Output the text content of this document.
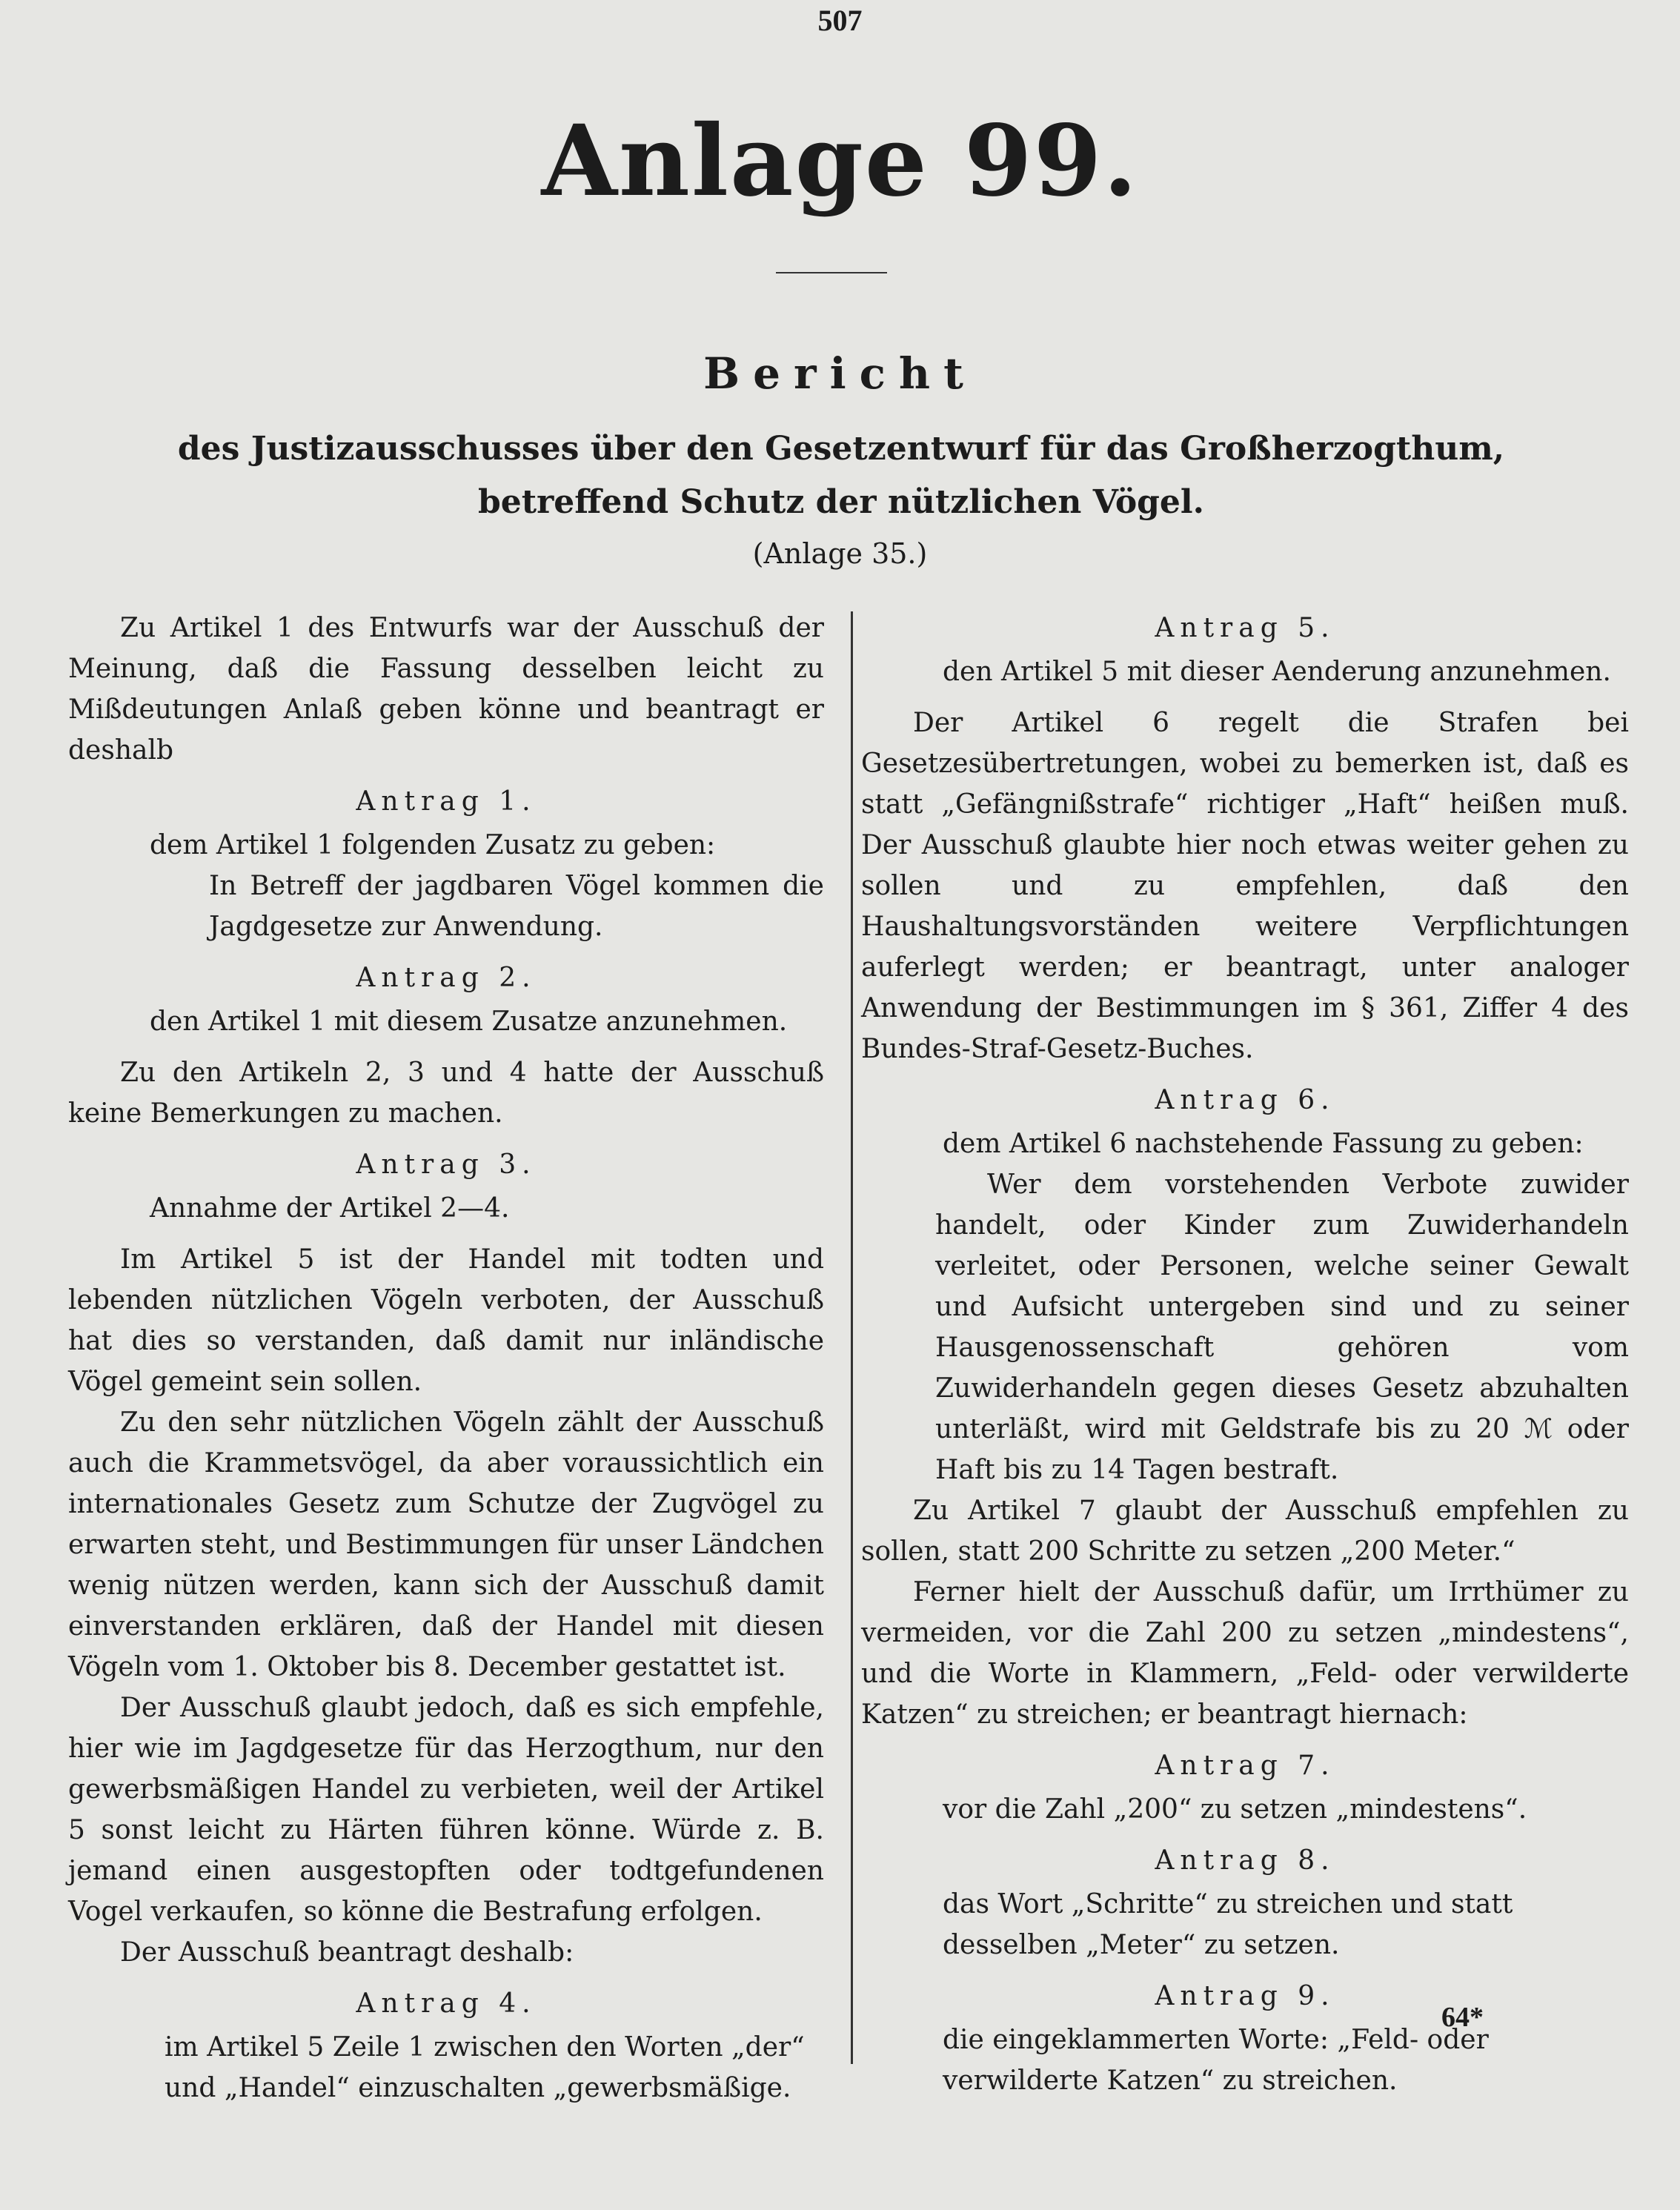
507
Anlage 99.
Bericht
des Justizausschusses über den Gesetzentwurf für das Großherzogthum, betreffend Schutz der nützlichen Vögel.
(Anlage 35.)

Zu Artikel 1 des Entwurfs war der Ausschuß der Meinung, daß die Fassung desselben leicht zu Mißdeutungen Anlaß geben könne und beantragt er deshalb

Antrag 1.

dem Artikel 1 folgenden Zusatz zu geben:

In Betreff der jagdbaren Vögel kommen die Jagdgesetze zur Anwendung.

Antrag 2.

den Artikel 1 mit diesem Zusatze anzunehmen.

Zu den Artikeln 2, 3 und 4 hatte der Ausschuß keine Bemerkungen zu machen.

Antrag 3.

Annahme der Artikel 2—4.

Im Artikel 5 ist der Handel mit todten und lebenden nützlichen Vögeln verboten, der Ausschuß hat dies so verstanden, daß damit nur inländische Vögel gemeint sein sollen.

Zu den sehr nützlichen Vögeln zählt der Ausschuß auch die Krammetsvögel, da aber voraussichtlich ein internationales Gesetz zum Schutze der Zugvögel zu erwarten steht, und Bestimmungen für unser Ländchen wenig nützen werden, kann sich der Ausschuß damit einverstanden erklären, daß der Handel mit diesen Vögeln vom 1. Oktober bis 8. December gestattet ist.

Der Ausschuß glaubt jedoch, daß es sich empfehle, hier wie im Jagdgesetze für das Herzogthum, nur den gewerbsmäßigen Handel zu verbieten, weil der Artikel 5 sonst leicht zu Härten führen könne. Würde z. B. jemand einen ausgestopften oder todtgefundenen Vogel verkaufen, so könne die Bestrafung erfolgen.

Der Ausschuß beantragt deshalb:

Antrag 4.

im Artikel 5 Zeile 1 zwischen den Worten „der“ und „Handel“ einzuschalten „gewerbsmäßige.

Antrag 5.

den Artikel 5 mit dieser Aenderung anzunehmen.

Der Artikel 6 regelt die Strafen bei Gesetzesübertretungen, wobei zu bemerken ist, daß es statt „Gefängnißstrafe“ richtiger „Haft“ heißen muß. Der Ausschuß glaubte hier noch etwas weiter gehen zu sollen und zu empfehlen, daß den Haushaltungsvorständen weitere Verpflichtungen auferlegt werden; er beantragt, unter analoger Anwendung der Bestimmungen im § 361, Ziffer 4 des Bundes-Straf-Gesetz-Buches.

Antrag 6.

dem Artikel 6 nachstehende Fassung zu geben:

Wer dem vorstehenden Verbote zuwider handelt, oder Kinder zum Zuwiderhandeln verleitet, oder Personen, welche seiner Gewalt und Aufsicht untergeben sind und zu seiner Hausgenossenschaft gehören vom Zuwiderhandeln gegen dieses Gesetz abzuhalten unterläßt, wird mit Geldstrafe bis zu 20 ℳ oder Haft bis zu 14 Tagen bestraft.

Zu Artikel 7 glaubt der Ausschuß empfehlen zu sollen, statt 200 Schritte zu setzen „200 Meter.“

Ferner hielt der Ausschuß dafür, um Irrthümer zu vermeiden, vor die Zahl 200 zu setzen „mindestens“, und die Worte in Klammern, „Feld- oder verwilderte Katzen“ zu streichen; er beantragt hiernach:

Antrag 7.

vor die Zahl „200“ zu setzen „mindestens“.

Antrag 8.

das Wort „Schritte“ zu streichen und statt desselben „Meter“ zu setzen.

Antrag 9.

die eingeklammerten Worte: „Feld- oder verwilderte Katzen“ zu streichen.

64*
